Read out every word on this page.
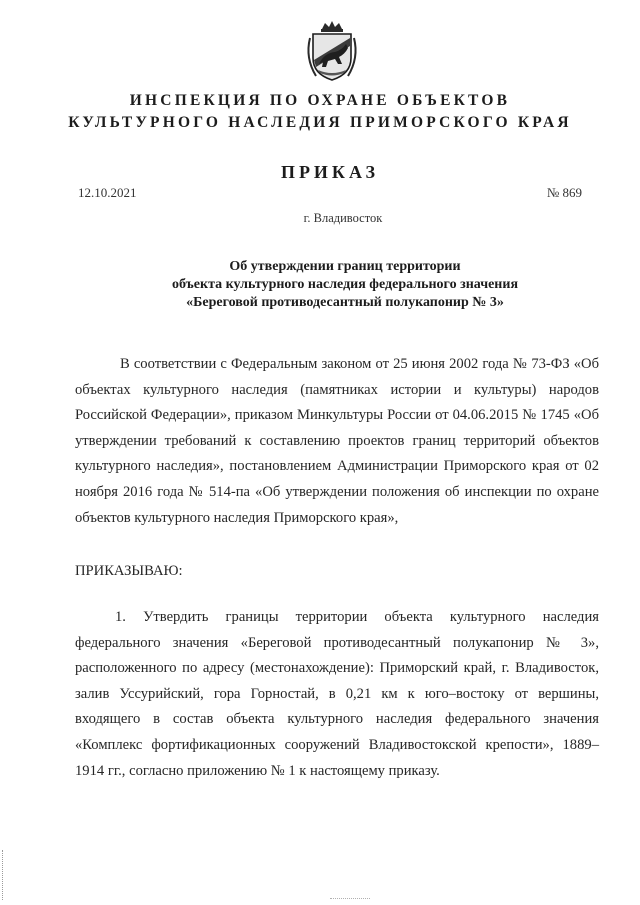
ИНСПЕКЦИЯ ПО ОХРАНЕ ОБЪЕКТОВ
КУЛЬТУРНОГО НАСЛЕДИЯ ПРИМОРСКОГО КРАЯ
ПРИКАЗ
12.10.2021	№ 869
г. Владивосток
Об утверждении границ территории
объекта культурного наследия федерального значения
«Береговой противодесантный полукапонир № 3»

В соответствии с Федеральным законом от 25 июня 2002 года № 73-ФЗ «Об объектах культурного наследия (памятниках истории и культуры) народов Российской Федерации», приказом Минкультуры России от 04.06.2015 № 1745 «Об утверждении требований к составлению проектов границ территорий объектов культурного наследия», постановлением Администрации Приморского края от 02 ноября 2016 года № 514-па «Об утверждении положения об инспекции по охране объектов культурного наследия Приморского края»,

ПРИКАЗЫВАЮ:

1. Утвердить границы территории объекта культурного наследия федерального значения «Береговой противодесантный полукапонир № 3», расположенного по адресу (местонахождение): Приморский край, г. Владивосток, залив Уссурийский, гора Горностай, в 0,21 км к юго–востоку от вершины, входящего в состав объекта культурного наследия федерального значения «Комплекс фортификационных сооружений Владивостокской крепости», 1889–1914 гг., согласно приложению № 1 к настоящему приказу.
